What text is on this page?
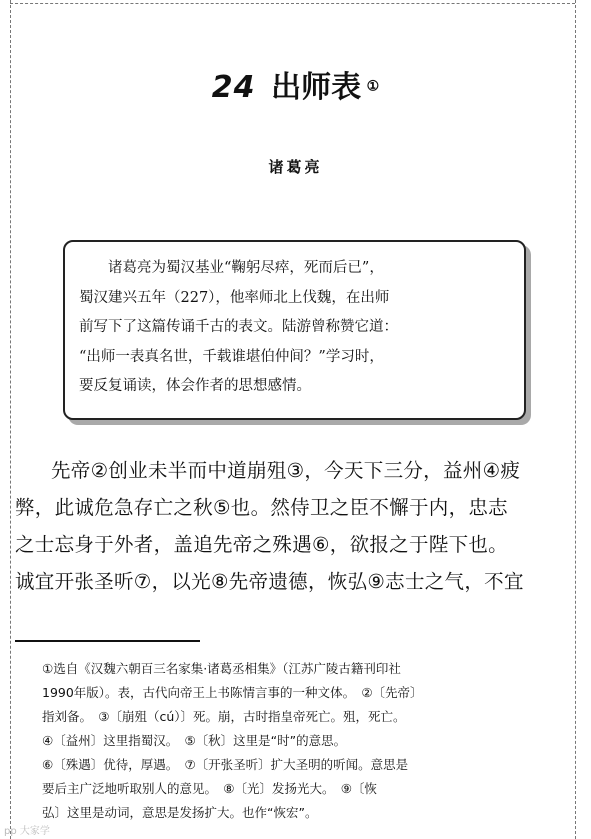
24 出师表 ①
诸葛亮
　　诸葛亮为蜀汉基业“鞠躬尽瘁，死而后已”，
蜀汉建兴五年（227），他率师北上伐魏，在出师
前写下了这篇传诵千古的表文。陆游曾称赞它道：
“出师一表真名世，千载谁堪伯仲间？”学习时，
要反复诵读，体会作者的思想感情。
先帝②创业未半而中道崩殂③，今天下三分，益州④疲
弊，此诚危急存亡之秋⑤也。然侍卫之臣不懈于内，忠志
之士忘身于外者，盖追先帝之殊遇⑥，欲报之于陛下也。
诚宜开张圣听⑦，以光⑧先帝遗德，恢弘⑨志士之气，不宜
①选自《汉魏六朝百三名家集·诸葛丞相集》（江苏广陵古籍刊印社
1990年版）。表，古代向帝王上书陈情言事的一种文体。　②〔先帝〕
指刘备。　③〔崩殂（cú）〕死。崩，古时指皇帝死亡。殂，死亡。
④〔益州〕这里指蜀汉。　⑤〔秋〕这里是“时”的意思。
⑥〔殊遇〕优待，厚遇。　⑦〔开张圣听〕扩大圣明的听闻。意思是
要后主广泛地听取别人的意见。　⑧〔光〕发扬光大。　⑨〔恢
弘〕这里是动词，意思是发扬扩大。也作“恢宏”。
pp 大家学
